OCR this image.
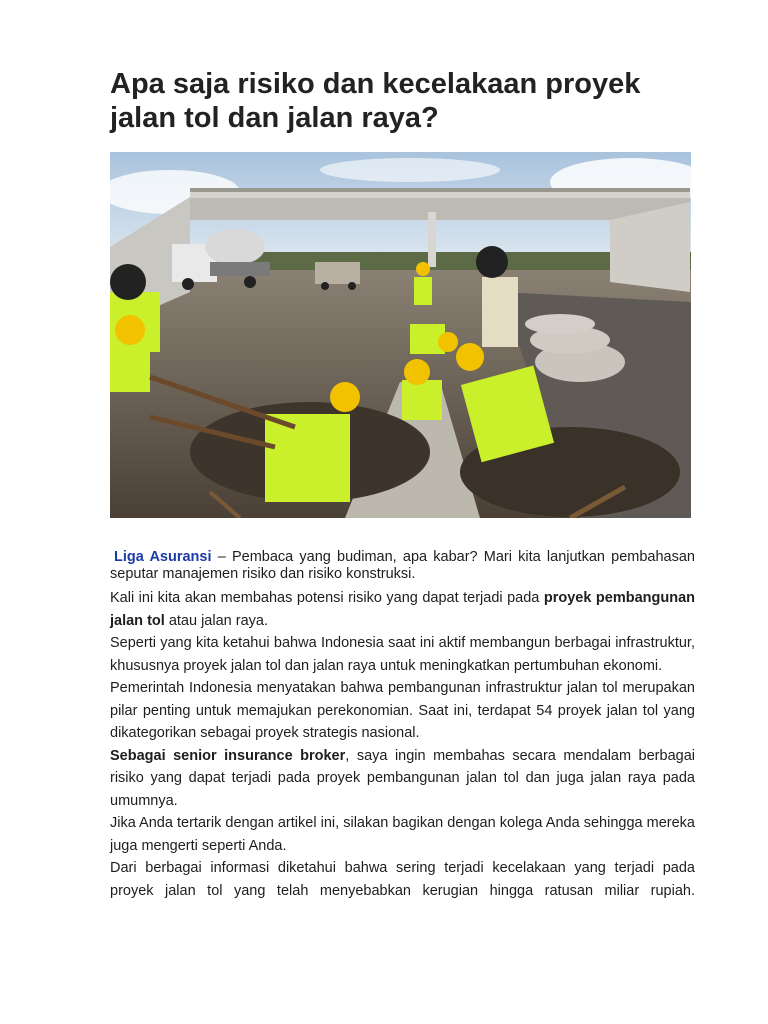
Apa saja risiko dan kecelakaan proyek jalan tol dan jalan raya?

Liga Asuransi – Pembaca yang budiman, apa kabar? Mari kita lanjutkan pembahasan seputar manajemen risiko dan risiko konstruksi.

Kali ini kita akan membahas potensi risiko yang dapat terjadi pada proyek pembangunan jalan tol atau jalan raya.

Seperti yang kita ketahui bahwa Indonesia saat ini aktif membangun berbagai infrastruktur, khususnya proyek jalan tol dan jalan raya untuk meningkatkan pertumbuhan ekonomi.

Pemerintah Indonesia menyatakan bahwa pembangunan infrastruktur jalan tol merupakan pilar penting untuk memajukan perekonomian. Saat ini, terdapat 54 proyek jalan tol yang dikategorikan sebagai proyek strategis nasional.

Sebagai senior insurance broker, saya ingin membahas secara mendalam berbagai risiko yang dapat terjadi pada proyek pembangunan jalan tol dan juga jalan raya pada umumnya.

Jika Anda tertarik dengan artikel ini, silakan bagikan dengan kolega Anda sehingga mereka juga mengerti seperti Anda.

Dari berbagai informasi diketahui bahwa sering terjadi kecelakaan yang terjadi pada proyek jalan tol yang telah menyebabkan kerugian hingga ratusan miliar rupiah.
